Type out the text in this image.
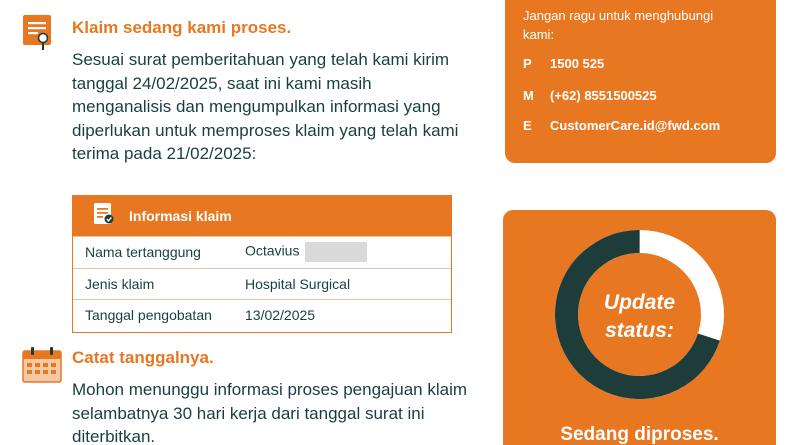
Klaim sedang kami proses.
Sesuai surat pemberitahuan yang telah kami kirim tanggal 24/02/2025, saat ini kami masih menganalisis dan mengumpulkan informasi yang diperlukan untuk memproses klaim yang telah kami terima pada 21/02/2025:
Informasi klaim
Nama tertanggung	Octavius
Jenis klaim	Hospital Surgical
Tanggal pengobatan	13/02/2025
Catat tanggalnya.
Mohon menunggu informasi proses pengajuan klaim selambatnya 30 hari kerja dari tanggal surat ini diterbitkan.
Jangan ragu untuk menghubungi kami:
P	1500 525
M	(+62) 8551500525
E	CustomerCare.id@fwd.com
Update
status:
Sedang diproses.
